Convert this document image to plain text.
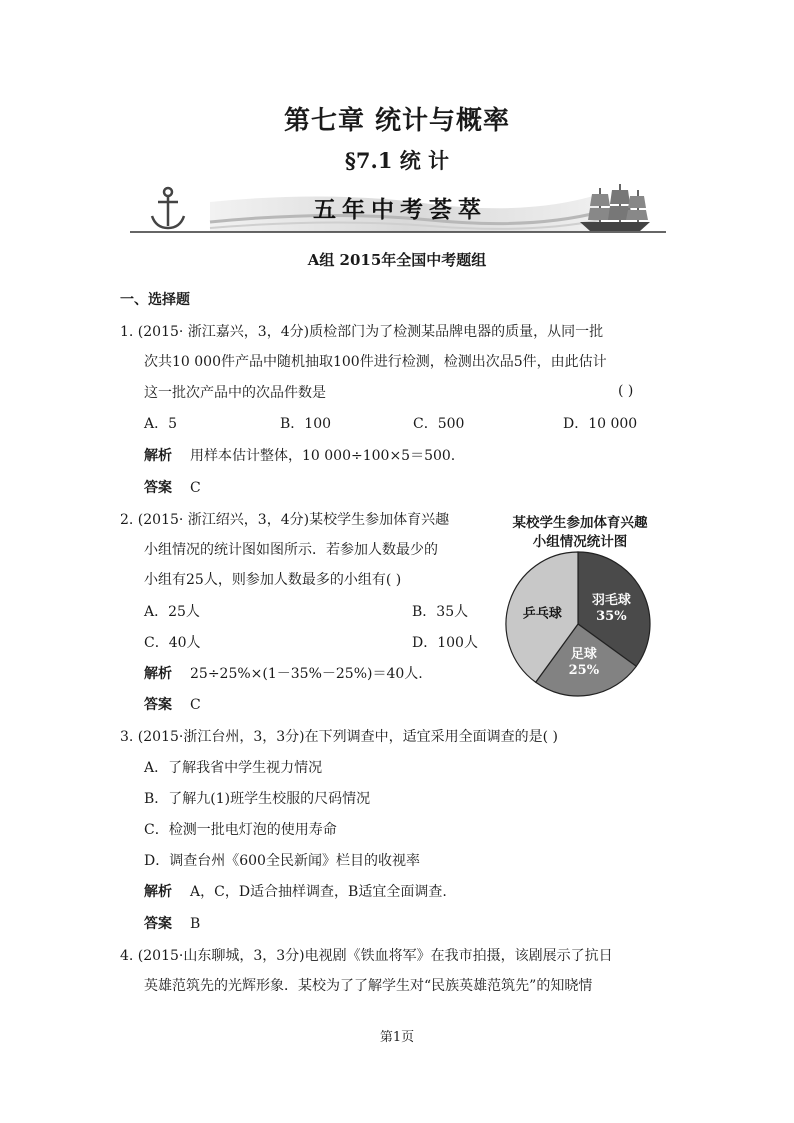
第七章 统计与概率
§7.1 统 计
五年中考荟萃
A组 2015年全国中考题组
一、选择题
1. (2015· 浙江嘉兴，3，4分)质检部门为了检测某品牌电器的质量，从同一批
次共10 000件产品中随机抽取100件进行检测，检测出次品5件，由此估计
这一批次产品中的次品件数是	( )
A．5	B．100	C．500	D．10 000
解析 用样本估计整体，10 000÷100×5＝500.
答案 C
2. (2015· 浙江绍兴，3，4分)某校学生参加体育兴趣
小组情况的统计图如图所示．若参加人数最少的
小组有25人，则参加人数最多的小组有( )
A．25人	B．35人
C．40人	D．100人
解析 25÷25%×(1－35%－25%)＝40人.
答案 C
某校学生参加体育兴趣
小组情况统计图
羽毛球
35%
足球
25%
乒乓球
3. (2015·浙江台州，3，3分)在下列调查中，适宜采用全面调查的是( )
A．了解我省中学生视力情况
B．了解九(1)班学生校服的尺码情况
C．检测一批电灯泡的使用寿命
D．调查台州《600全民新闻》栏目的收视率
解析 A，C，D适合抽样调查，B适宜全面调查.
答案 B
4. (2015·山东聊城，3，3分)电视剧《铁血将军》在我市拍摄，该剧展示了抗日
英雄范筑先的光辉形象．某校为了了解学生对“民族英雄范筑先”的知晓情
第1页
